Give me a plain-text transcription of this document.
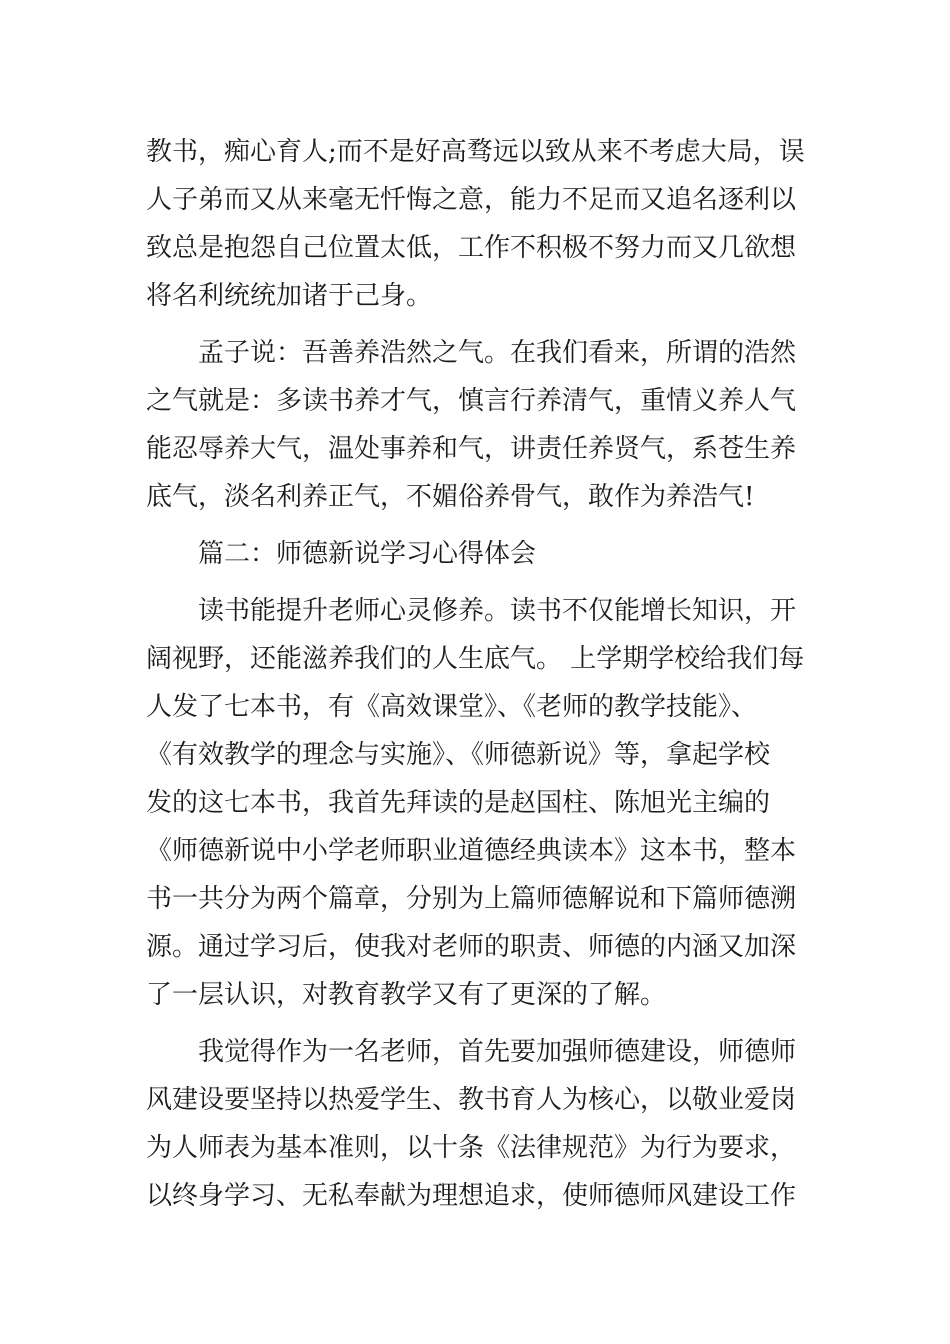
教书，痴心育人;而不是好高骛远以致从来不考虑大局，误
人子弟而又从来毫无忏悔之意，能力不足而又追名逐利以
致总是抱怨自己位置太低，工作不积极不努力而又几欲想
将名利统统加诸于己身。
　　孟子说：吾善养浩然之气。在我们看来，所谓的浩然
之气就是：多读书养才气，慎言行养清气，重情义养人气
能忍辱养大气，温处事养和气，讲责任养贤气，系苍生养
底气，淡名利养正气，不媚俗养骨气，敢作为养浩气!
　　篇二：师德新说学习心得体会
　　读书能提升老师心灵修养。读书不仅能增长知识，开
阔视野，还能滋养我们的人生底气。 上学期学校给我们每
人发了七本书，有《高效课堂》、《老师的教学技能》、
《有效教学的理念与实施》、《师德新说》等，拿起学校
发的这七本书，我首先拜读的是赵国柱、陈旭光主编的
《师德新说中小学老师职业道德经典读本》这本书，整本
书一共分为两个篇章，分别为上篇师德解说和下篇师德溯
源。通过学习后，使我对老师的职责、师德的内涵又加深
了一层认识，对教育教学又有了更深的了解。
　　我觉得作为一名老师，首先要加强师德建设，师德师
风建设要坚持以热爱学生、教书育人为核心，以敬业爱岗
为人师表为基本准则，以十条《法律规范》为行为要求，
以终身学习、无私奉献为理想追求，使师德师风建设工作
